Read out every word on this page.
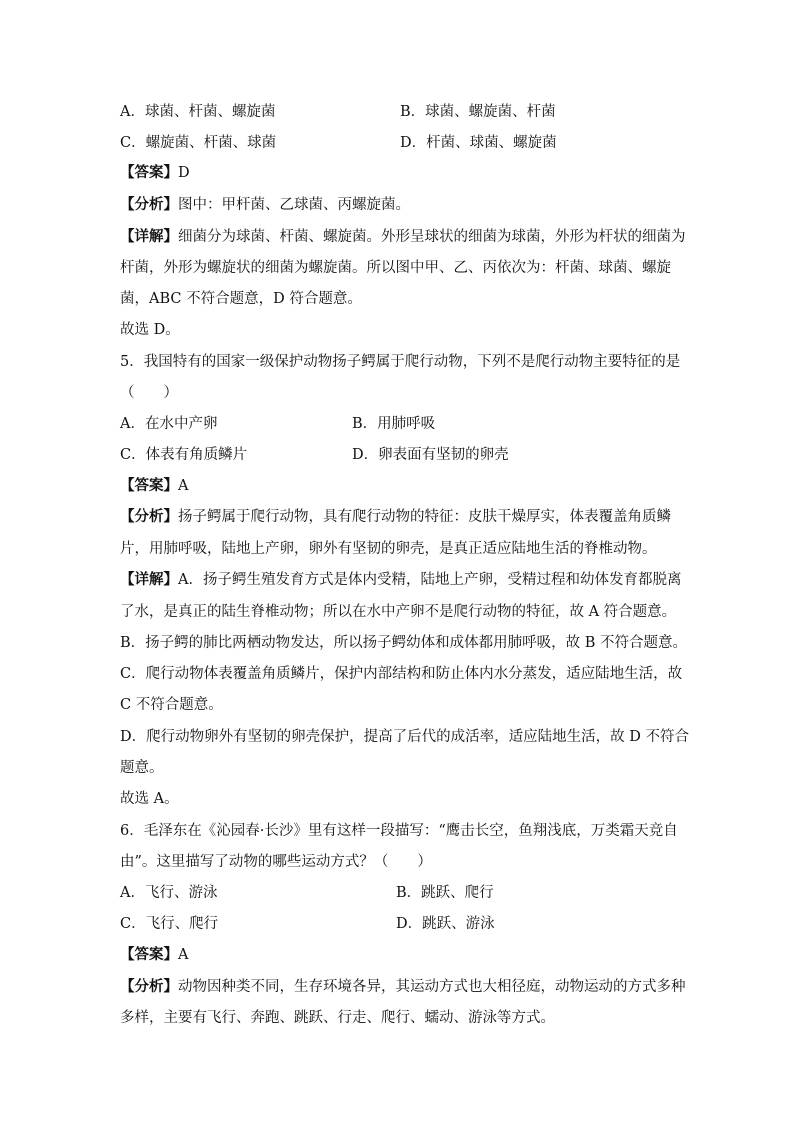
A．球菌、杆菌、螺旋菌	B．球菌、螺旋菌、杆菌
C．螺旋菌、杆菌、球菌	D．杆菌、球菌、螺旋菌
【答案】D
【分析】图中：甲杆菌、乙球菌、丙螺旋菌。
【详解】细菌分为球菌、杆菌、螺旋菌。外形呈球状的细菌为球菌，外形为杆状的细菌为
杆菌，外形为螺旋状的细菌为螺旋菌。所以图中甲、乙、丙依次为：杆菌、球菌、螺旋
菌，ABC 不符合题意，D 符合题意。
故选 D。
5．我国特有的国家一级保护动物扬子鳄属于爬行动物，下列不是爬行动物主要特征的是
（　　）
A．在水中产卵	B．用肺呼吸
C．体表有角质鳞片	D．卵表面有坚韧的卵壳
【答案】A
【分析】扬子鳄属于爬行动物，具有爬行动物的特征：皮肤干燥厚实，体表覆盖角质鳞
片，用肺呼吸，陆地上产卵，卵外有坚韧的卵壳，是真正适应陆地生活的脊椎动物。
【详解】A．扬子鳄生殖发育方式是体内受精，陆地上产卵，受精过程和幼体发育都脱离
了水，是真正的陆生脊椎动物；所以在水中产卵不是爬行动物的特征，故 A 符合题意。
B．扬子鳄的肺比两栖动物发达，所以扬子鳄幼体和成体都用肺呼吸，故 B 不符合题意。
C．爬行动物体表覆盖角质鳞片，保护内部结构和防止体内水分蒸发，适应陆地生活，故
C 不符合题意。
D．爬行动物卵外有坚韧的卵壳保护，提高了后代的成活率，适应陆地生活，故 D 不符合
题意。
故选 A。
6．毛泽东在《沁园春·长沙》里有这样一段描写：“鹰击长空，鱼翔浅底，万类霜天竞自
由”。这里描写了动物的哪些运动方式？（　　）
A．飞行、游泳	B．跳跃、爬行
C．飞行、爬行	D．跳跃、游泳
【答案】A
【分析】动物因种类不同，生存环境各异，其运动方式也大相径庭，动物运动的方式多种
多样，主要有飞行、奔跑、跳跃、行走、爬行、蠕动、游泳等方式。
